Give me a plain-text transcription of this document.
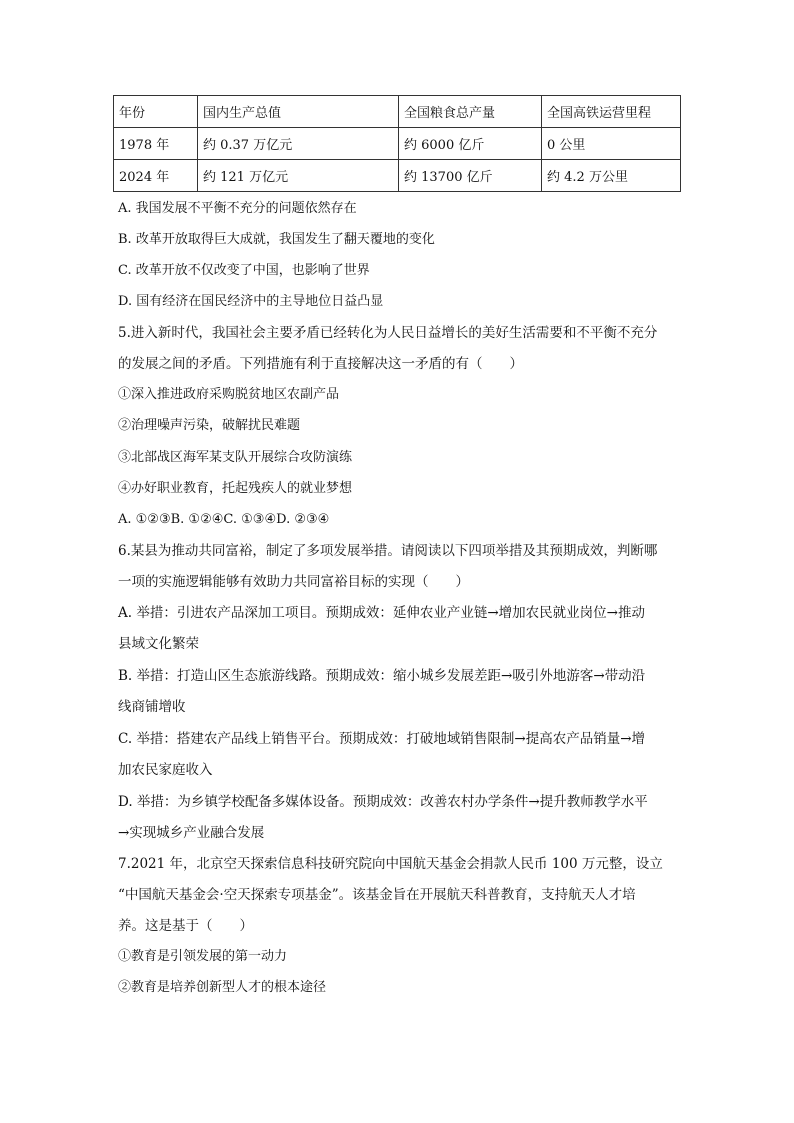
年份	国内生产总值	全国粮食总产量	全国高铁运营里程
1978 年	约 0.37 万亿元	约 6000 亿斤	0 公里
2024 年	约 121 万亿元	约 13700 亿斤	约 4.2 万公里
A. 我国发展不平衡不充分的问题依然存在
B. 改革开放取得巨大成就，我国发生了翻天覆地的变化
C. 改革开放不仅改变了中国，也影响了世界
D. 国有经济在国民经济中的主导地位日益凸显
5.进入新时代，我国社会主要矛盾已经转化为人民日益增长的美好生活需要和不平衡不充分
的发展之间的矛盾。下列措施有利于直接解决这一矛盾的有（　　）
①深入推进政府采购脱贫地区农副产品
②治理噪声污染，破解扰民难题
③北部战区海军某支队开展综合攻防演练
④办好职业教育，托起残疾人的就业梦想
A. ①②③B. ①②④C. ①③④D. ②③④
6.某县为推动共同富裕，制定了多项发展举措。请阅读以下四项举措及其预期成效，判断哪
一项的实施逻辑能够有效助力共同富裕目标的实现（　　）
A. 举措：引进农产品深加工项目。预期成效：延伸农业产业链→增加农民就业岗位→推动
县域文化繁荣
B. 举措：打造山区生态旅游线路。预期成效：缩小城乡发展差距→吸引外地游客→带动沿
线商铺增收
C. 举措：搭建农产品线上销售平台。预期成效：打破地域销售限制→提高农产品销量→增
加农民家庭收入
D. 举措：为乡镇学校配备多媒体设备。预期成效：改善农村办学条件→提升教师教学水平
→实现城乡产业融合发展
7.2021 年，北京空天探索信息科技研究院向中国航天基金会捐款人民币 100 万元整，设立
“中国航天基金会·空天探索专项基金”。该基金旨在开展航天科普教育，支持航天人才培
养。这是基于（　　）
①教育是引领发展的第一动力
②教育是培养创新型人才的根本途径
